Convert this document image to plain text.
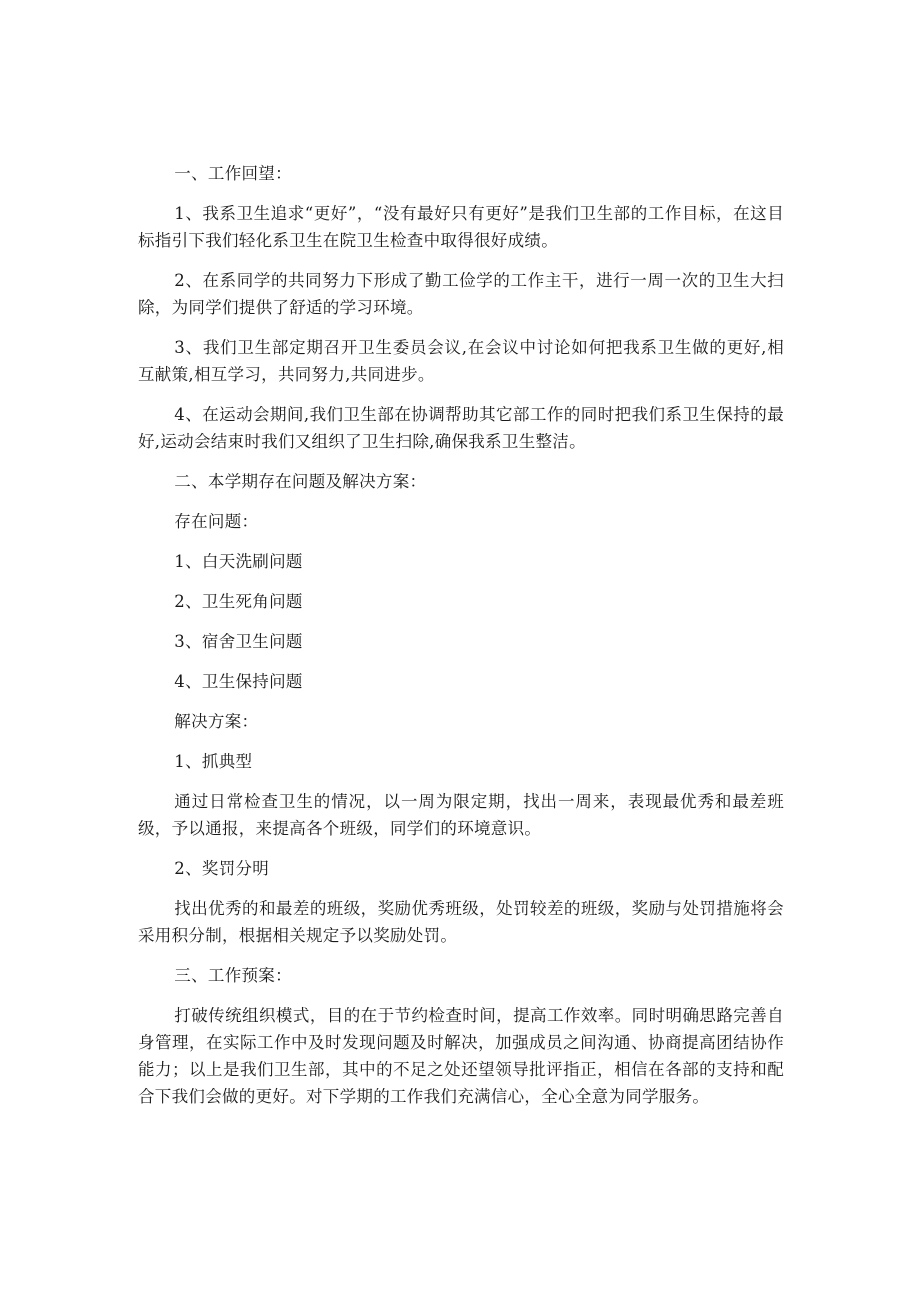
一、工作回望：

1、我系卫生追求“更好”，“没有最好只有更好”是我们卫生部的工作目标，在这目标指引下我们轻化系卫生在院卫生检查中取得很好成绩。

2、在系同学的共同努力下形成了勤工俭学的工作主干，进行一周一次的卫生大扫除，为同学们提供了舒适的学习环境。

3、我们卫生部定期召开卫生委员会议,在会议中讨论如何把我系卫生做的更好,相互献策,相互学习，共同努力,共同进步。

4、在运动会期间,我们卫生部在协调帮助其它部工作的同时把我们系卫生保持的最好,运动会结束时我们又组织了卫生扫除,确保我系卫生整洁。

二、本学期存在问题及解决方案：

存在问题：

1、白天洗刷问题

2、卫生死角问题

3、宿舍卫生问题

4、卫生保持问题

解决方案：

1、抓典型

通过日常检查卫生的情况，以一周为限定期，找出一周来，表现最优秀和最差班级，予以通报，来提高各个班级，同学们的环境意识。

2、奖罚分明

找出优秀的和最差的班级，奖励优秀班级，处罚较差的班级，奖励与处罚措施将会采用积分制，根据相关规定予以奖励处罚。

三、工作预案：

打破传统组织模式，目的在于节约检查时间，提高工作效率。同时明确思路完善自身管理，在实际工作中及时发现问题及时解决，加强成员之间沟通、协商提高团结协作能力；以上是我们卫生部，其中的不足之处还望领导批评指正，相信在各部的支持和配合下我们会做的更好。对下学期的工作我们充满信心，全心全意为同学服务。
